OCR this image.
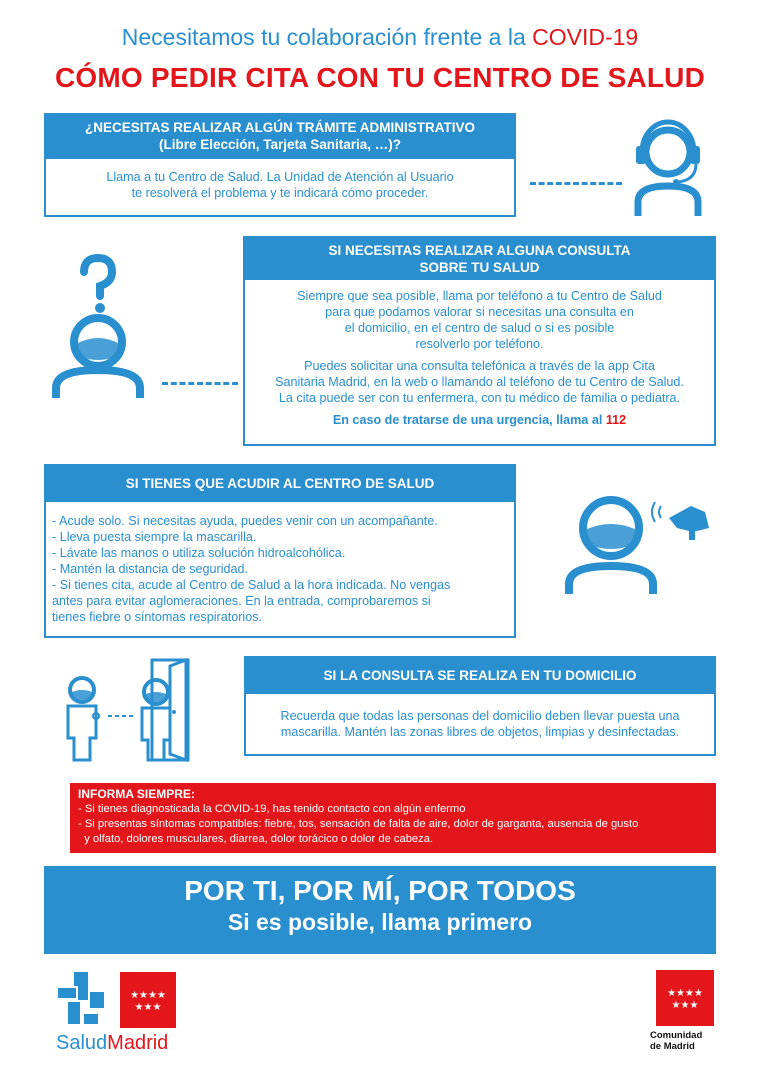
Necesitamos tu colaboración frente a la COVID-19
CÓMO PEDIR CITA CON TU CENTRO DE SALUD
¿NECESITAS REALIZAR ALGÚN TRÁMITE ADMINISTRATIVO
(Libre Elección, Tarjeta Sanitaria, …)?
Llama a tu Centro de Salud. La Unidad de Atención al Usuario
te resolverá el problema y te indicará cómo proceder.
SI NECESITAS REALIZAR ALGUNA CONSULTA
SOBRE TU SALUD

Siempre que sea posible, llama por teléfono a tu Centro de Salud
para que podamos valorar si necesitas una consulta en
el domicilio, en el centro de salud o si es posible
resolverlo por teléfono.

Puedes solicitar una consulta telefónica a través de la app Cita
Sanitaria Madrid, en la web o llamando al teléfono de tu Centro de Salud.
La cita puede ser con tu enfermera, con tu médico de familia o pediatra.

En caso de tratarse de una urgencia, llama al 112
SI TIENES QUE ACUDIR AL CENTRO DE SALUD
- Acude solo. Si necesitas ayuda, puedes venir con un acompañante.
- Lleva puesta siempre la mascarilla.
- Lávate las manos o utiliza solución hidroalcohólica.
- Mantén la distancia de seguridad.
- Si tienes cita, acude al Centro de Salud a la hora indicada. No vengas
antes para evitar aglomeraciones. En la entrada, comprobaremos si
tienes fiebre o síntomas respiratorios.
SI LA CONSULTA SE REALIZA EN TU DOMICILIO
Recuerda que todas las personas del domicilio deben llevar puesta una
mascarilla. Mantén las zonas libres de objetos, limpias y desinfectadas.
INFORMA SIEMPRE:
- Si tienes diagnosticada la COVID-19, has tenido contacto con algún enfermo
- Si presentas síntomas compatibles: fiebre, tos, sensación de falta de aire, dolor de garganta, ausencia de gusto
y olfato, dolores musculares, diarrea, dolor torácico o dolor de cabeza.
POR TI, POR MÍ, POR TODOS
Si es posible, llama primero
★★★★
★★★
SaludMadrid
★★★★
★★★
Comunidad
de Madrid
